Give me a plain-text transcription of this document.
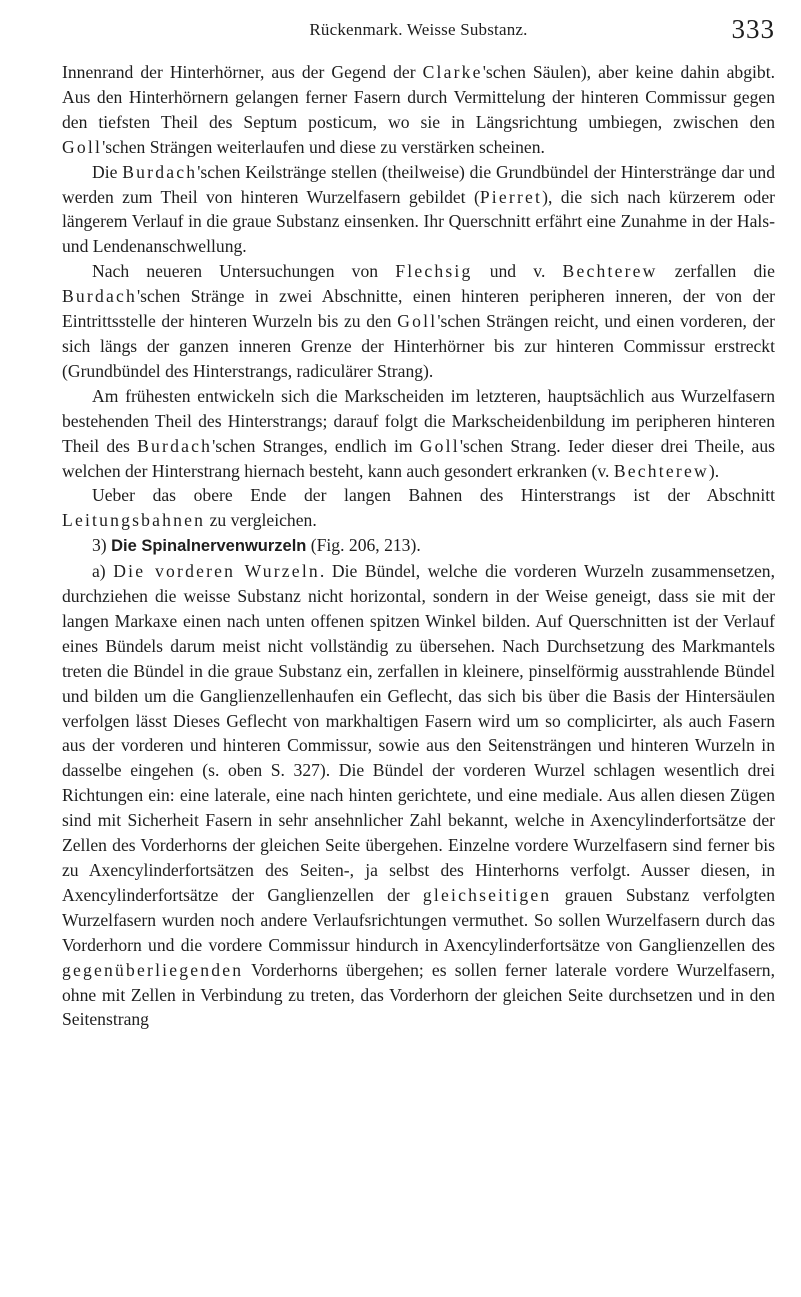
Rückenmark. Weisse Substanz.	333

Innenrand der Hinterhörner, aus der Gegend der Clarke'schen Säulen), aber keine dahin abgibt. Aus den Hinterhörnern gelangen ferner Fasern durch Vermittelung der hinteren Commissur gegen den tiefsten Theil des Septum posticum, wo sie in Längsrichtung umbiegen, zwischen den Goll'schen Strängen weiterlaufen und diese zu verstärken scheinen.

Die Burdach'schen Keilstränge stellen (theilweise) die Grundbündel der Hinterstränge dar und werden zum Theil von hinteren Wurzelfasern gebildet (Pierret), die sich nach kürzerem oder längerem Verlauf in die graue Substanz einsenken. Ihr Querschnitt erfährt eine Zunahme in der Hals- und Lendenanschwellung.

Nach neueren Untersuchungen von Flechsig und v. Bechterew zerfallen die Burdach'schen Stränge in zwei Abschnitte, einen hinteren peripheren inneren, der von der Eintrittsstelle der hinteren Wurzeln bis zu den Goll'schen Strängen reicht, und einen vorderen, der sich längs der ganzen inneren Grenze der Hinterhörner bis zur hinteren Commissur erstreckt (Grundbündel des Hinterstrangs, radiculärer Strang).

Am frühesten entwickeln sich die Markscheiden im letzteren, hauptsächlich aus Wurzelfasern bestehenden Theil des Hinterstrangs; darauf folgt die Markscheidenbildung im peripheren hinteren Theil des Burdach'schen Stranges, endlich im Goll'schen Strang. Ieder dieser drei Theile, aus welchen der Hinterstrang hiernach besteht, kann auch gesondert erkranken (v. Bechterew).

Ueber das obere Ende der langen Bahnen des Hinterstrangs ist der Abschnitt Leitungsbahnen zu vergleichen.

3) Die Spinalnervenwurzeln (Fig. 206, 213).

a) Die vorderen Wurzeln. Die Bündel, welche die vorderen Wurzeln zusammensetzen, durchziehen die weisse Substanz nicht horizontal, sondern in der Weise geneigt, dass sie mit der langen Markaxe einen nach unten offenen spitzen Winkel bilden. Auf Querschnitten ist der Verlauf eines Bündels darum meist nicht vollständig zu übersehen. Nach Durchsetzung des Markmantels treten die Bündel in die graue Substanz ein, zerfallen in kleinere, pinselförmig ausstrahlende Bündel und bilden um die Ganglienzellenhaufen ein Geflecht, das sich bis über die Basis der Hintersäulen verfolgen lässt Dieses Geflecht von markhaltigen Fasern wird um so complicirter, als auch Fasern aus der vorderen und hinteren Commissur, sowie aus den Seitensträngen und hinteren Wurzeln in dasselbe eingehen (s. oben S. 327). Die Bündel der vorderen Wurzel schlagen wesentlich drei Richtungen ein: eine laterale, eine nach hinten gerichtete, und eine mediale. Aus allen diesen Zügen sind mit Sicherheit Fasern in sehr ansehnlicher Zahl bekannt, welche in Axencylinderfortsätze der Zellen des Vorderhorns der gleichen Seite übergehen. Einzelne vordere Wurzelfasern sind ferner bis zu Axencylinderfortsätzen des Seiten-, ja selbst des Hinterhorns verfolgt. Ausser diesen, in Axencylinderfortsätze der Ganglienzellen der gleichseitigen grauen Substanz verfolgten Wurzelfasern wurden noch andere Verlaufsrichtungen vermuthet. So sollen Wurzelfasern durch das Vorderhorn und die vordere Commissur hindurch in Axencylinderfortsätze von Ganglienzellen des gegenüberliegenden Vorderhorns übergehen; es sollen ferner laterale vordere Wurzelfasern, ohne mit Zellen in Verbindung zu treten, das Vorderhorn der gleichen Seite durchsetzen und in den Seitenstrang
